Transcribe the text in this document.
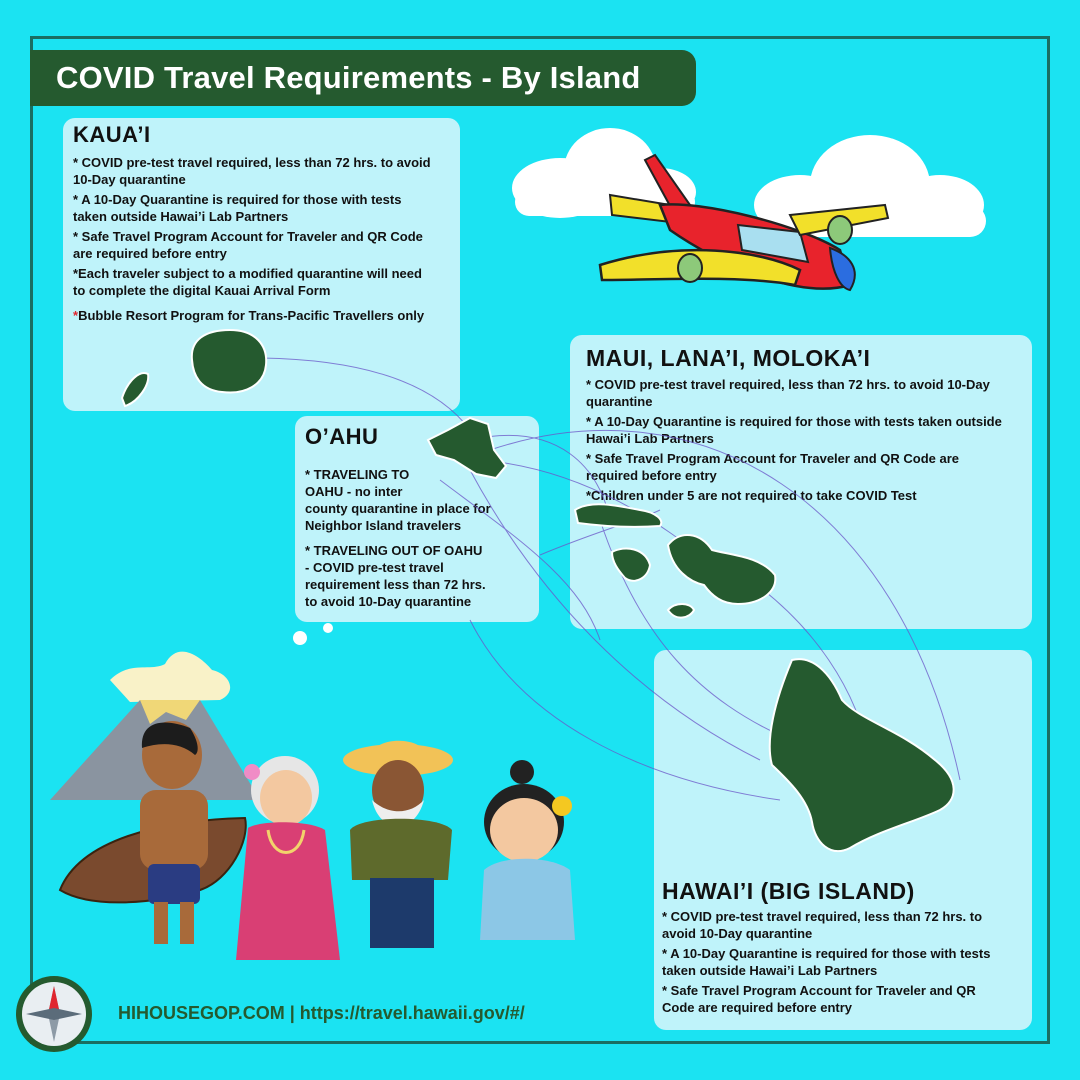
COVID Travel Requirements - By Island
KAUA’I
* COVID pre-test travel required, less than 72 hrs. to avoid
10-Day quarantine
* A 10-Day Quarantine is required for those with tests
taken outside Hawai’i Lab Partners
* Safe Travel Program Account for Traveler and QR Code
are required before entry
*Each traveler subject to a modified quarantine will need
to complete the digital Kauai Arrival Form
*Bubble Resort Program for Trans-Pacific Travellers only
O’AHU
* TRAVELING TO
OAHU - no inter
county quarantine in place for
Neighbor Island travelers
* TRAVELING OUT OF OAHU
- COVID pre-test travel
requirement less than 72 hrs.
to avoid 10-Day quarantine
MAUI, LANA’I, MOLOKA’I
* COVID pre-test travel required, less than 72 hrs. to avoid 10-Day
quarantine
* A 10-Day Quarantine is required for those with tests taken outside
Hawai’i Lab Partners
* Safe Travel Program Account for Traveler and QR Code are
required before entry
*Children under 5 are not required to take COVID Test
HAWAI’I (BIG ISLAND)
* COVID pre-test travel required, less than 72 hrs. to
avoid 10-Day quarantine
* A 10-Day Quarantine is required for those with tests
taken outside Hawai’i Lab Partners
* Safe Travel Program Account for Traveler and QR
Code are required before entry
HIHOUSEGOP.COM | https://travel.hawaii.gov/#/
